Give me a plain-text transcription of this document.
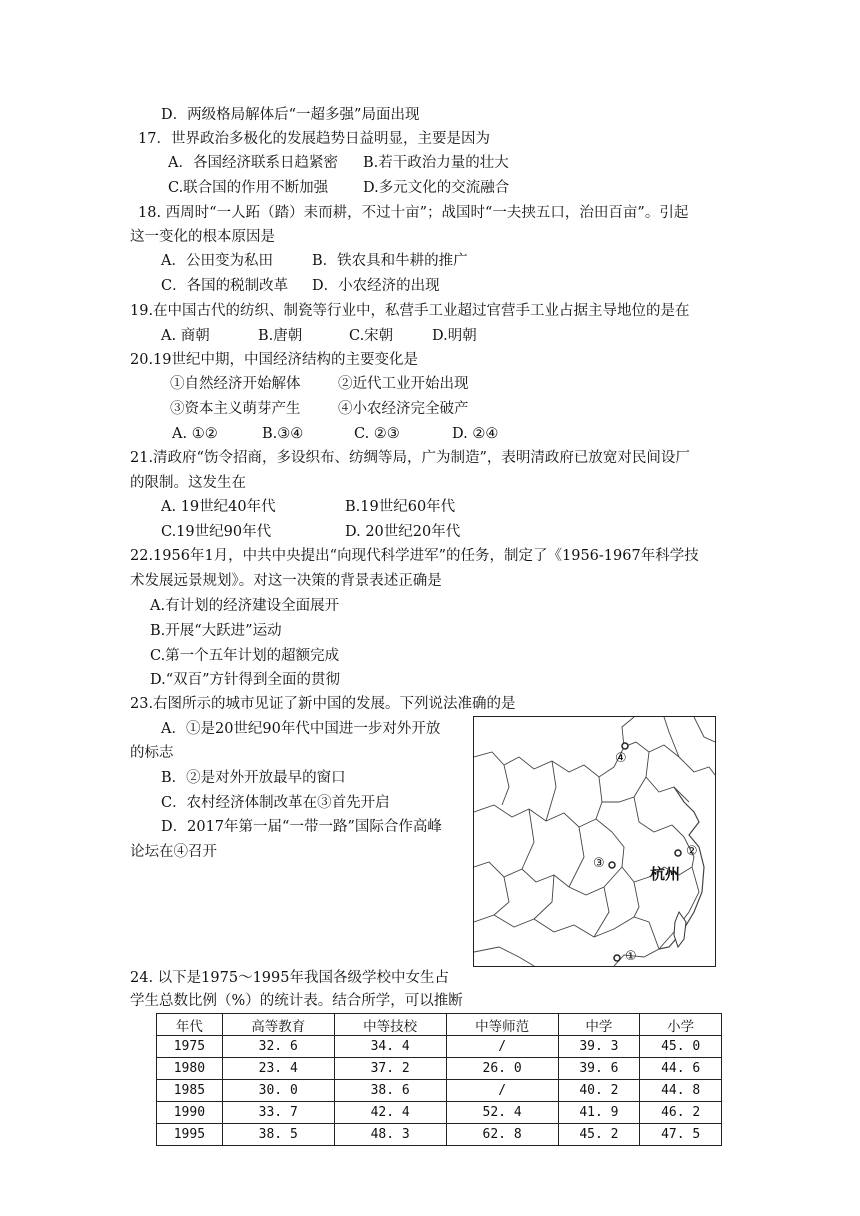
D．两级格局解体后“一超多强”局面出现
17．世界政治多极化的发展趋势日益明显，主要是因为
A．各国经济联系日趋紧密 B.若干政治力量的壮大
C.联合国的作用不断加强 D.多元文化的交流融合
18. 西周时“一人跖（踏）耒而耕，不过十亩”；战国时“一夫挟五口，治田百亩”。引起
这一变化的根本原因是
A．公田变为私田	B．铁农具和牛耕的推广
C．各国的税制改革 D．小农经济的出现
19.在中国古代的纺织、制瓷等行业中，私营手工业超过官营手工业占据主导地位的是在
A. 商朝	B.唐朝	C.宋朝	D.明朝
20.19世纪中期，中国经济结构的主要变化是
①自然经济开始解体	②近代工业开始出现
③资本主义萌芽产生	④小农经济完全破产
A. ①②	B.③④	C. ②③	D. ②④
21.清政府“饬令招商，多设织布、纺绸等局，广为制造”，表明清政府已放宽对民间设厂
的限制。这发生在
A. 19世纪40年代	B.19世纪60年代
C.19世纪90年代	D. 20世纪20年代
22.1956年1月，中共中央提出“向现代科学进军”的任务，制定了《1956-1967年科学技
术发展远景规划》。对这一决策的背景表述正确是
A.有计划的经济建设全面展开
B.开展“大跃进”运动
C.第一个五年计划的超额完成
D.“双百”方针得到全面的贯彻
23.右图所示的城市见证了新中国的发展。下列说法准确的是
A．①是20世纪90年代中国进一步对外开放
的标志
B．②是对外开放最早的窗口
C．农村经济体制改革在③首先开启
D．2017年第一届“一带一路”国际合作高峰
论坛在④召开
④
②
③
①
杭州
24. 以下是1975～1995年我国各级学校中女生占
学生总数比例（%）的统计表。结合所学，可以推断
年代	高等教育	中等技校	中等师范	中学	小学
1975	32. 6	34. 4	/	39. 3	45. 0
1980	23. 4	37. 2	26. 0	39. 6	44. 6
1985	30. 0	38. 6	/	40. 2	44. 8
1990	33. 7	42. 4	52. 4	41. 9	46. 2
1995	38. 5	48. 3	62. 8	45. 2	47. 5
